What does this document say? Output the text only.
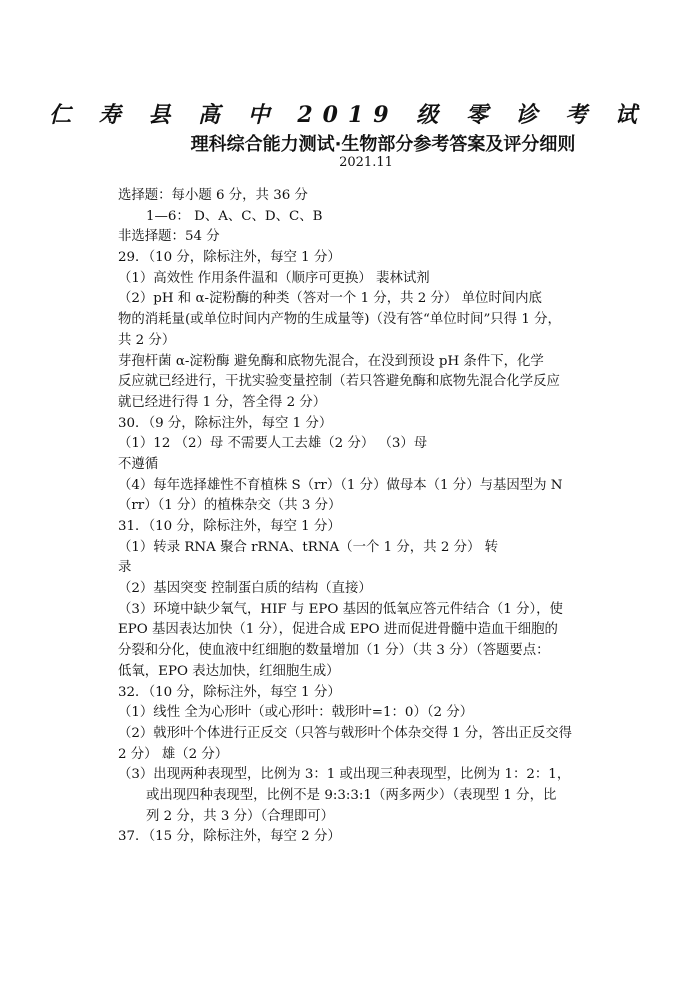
仁 寿 县 高 中 2019 级 零 诊 考 试
理科综合能力测试·生物部分参考答案及评分细则
2021.11
选择题：每小题 6 分，共 36 分
1—6： D、A、C、D、C、B
非选择题：54 分
29．（10 分，除标注外，每空 1 分）
（1）高效性 作用条件温和（顺序可更换） 裴林试剂
（2）pH 和 α-淀粉酶的种类（答对一个 1 分，共 2 分） 单位时间内底
物的消耗量(或单位时间内产物的生成量等)（没有答“单位时间”只得 1 分，
共 2 分）
芽孢杆菌 α-淀粉酶 避免酶和底物先混合，在没到预设 pH 条件下，化学
反应就已经进行，干扰实验变量控制（若只答避免酶和底物先混合化学反应
就已经进行得 1 分，答全得 2 分）
30．（9 分，除标注外，每空 1 分）
（1）12 （2）母 不需要人工去雄（2 分） （3）母
不遵循
（4）每年选择雄性不育植株 S（rr）（1 分）做母本（1 分）与基因型为 N
（rr）（1 分）的植株杂交（共 3 分）
31．（10 分，除标注外，每空 1 分）
（1）转录 RNA 聚合 rRNA、tRNA（一个 1 分，共 2 分） 转
录
（2）基因突变 控制蛋白质的结构（直接）
（3）环境中缺少氧气，HIF 与 EPO 基因的低氧应答元件结合（1 分），使
EPO 基因表达加快（1 分），促进合成 EPO 进而促进骨髓中造血干细胞的
分裂和分化，使血液中红细胞的数量增加（1 分）（共 3 分）（答题要点：
低氧，EPO 表达加快，红细胞生成）
32．（10 分，除标注外，每空 1 分）
（1）线性 全为心形叶（或心形叶：戟形叶=1：0）（2 分）
（2）戟形叶个体进行正反交（只答与戟形叶个体杂交得 1 分，答出正反交得
2 分） 雄（2 分）
（3）出现两种表现型，比例为 3：1 或出现三种表现型，比例为 1：2：1，
或出现四种表现型，比例不是 9:3:3:1（两多两少）（表现型 1 分，比
列 2 分，共 3 分）（合理即可）
37．（15 分，除标注外，每空 2 分）
